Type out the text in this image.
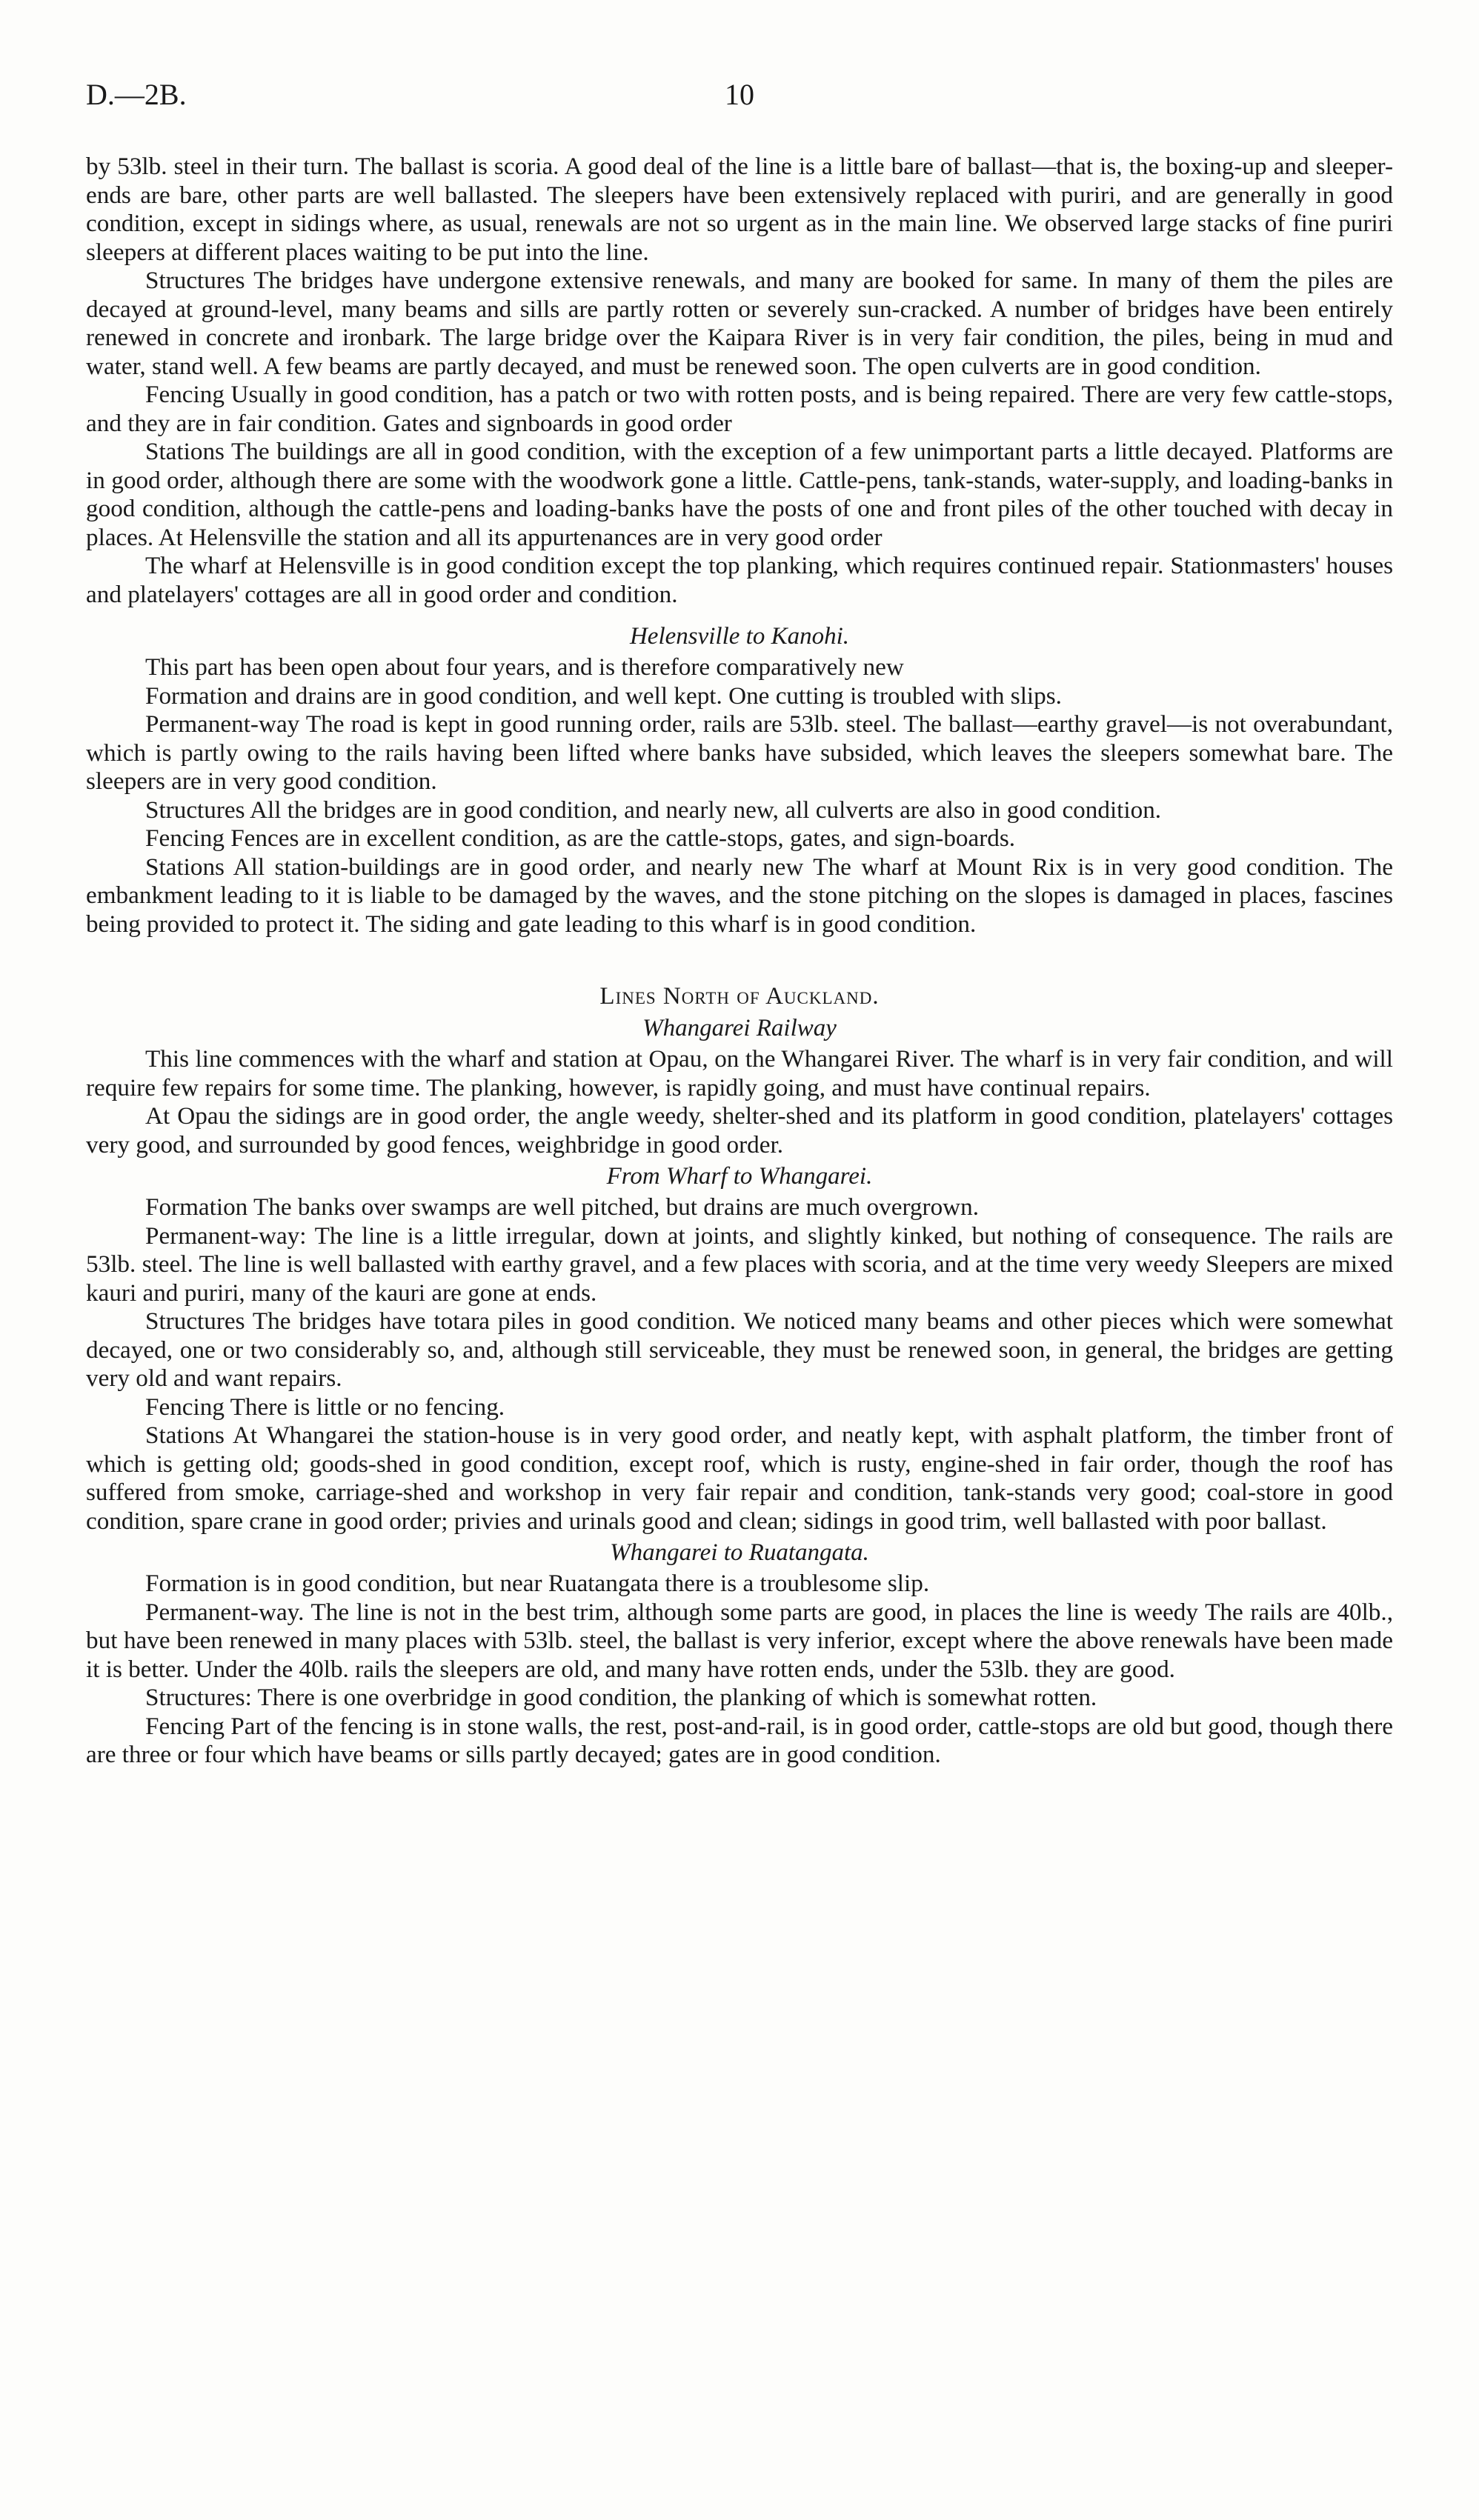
D.—2B.	10

by 53lb. steel in their turn. The ballast is scoria. A good deal of the line is a little bare of ballast—that is, the boxing-up and sleeper-ends are bare, other parts are well ballasted. The sleepers have been extensively replaced with puriri, and are generally in good condition, except in sidings where, as usual, renewals are not so urgent as in the main line. We observed large stacks of fine puriri sleepers at different places waiting to be put into the line.

Structures The bridges have undergone extensive renewals, and many are booked for same. In many of them the piles are decayed at ground-level, many beams and sills are partly rotten or severely sun-cracked. A number of bridges have been entirely renewed in concrete and ironbark. The large bridge over the Kaipara River is in very fair condition, the piles, being in mud and water, stand well. A few beams are partly decayed, and must be renewed soon. The open culverts are in good condition.

Fencing Usually in good condition, has a patch or two with rotten posts, and is being repaired. There are very few cattle-stops, and they are in fair condition. Gates and signboards in good order

Stations The buildings are all in good condition, with the exception of a few unimportant parts a little decayed. Platforms are in good order, although there are some with the woodwork gone a little. Cattle-pens, tank-stands, water-supply, and loading-banks in good condition, although the cattle-pens and loading-banks have the posts of one and front piles of the other touched with decay in places. At Helensville the station and all its appurtenances are in very good order

The wharf at Helensville is in good condition except the top planking, which requires continued repair. Stationmasters' houses and platelayers' cottages are all in good order and condition.

Helensville to Kanohi.

This part has been open about four years, and is therefore comparatively new

Formation and drains are in good condition, and well kept. One cutting is troubled with slips.

Permanent-way The road is kept in good running order, rails are 53lb. steel. The ballast—earthy gravel—is not overabundant, which is partly owing to the rails having been lifted where banks have subsided, which leaves the sleepers somewhat bare. The sleepers are in very good condition.

Structures All the bridges are in good condition, and nearly new, all culverts are also in good condition.

Fencing Fences are in excellent condition, as are the cattle-stops, gates, and sign-boards.

Stations All station-buildings are in good order, and nearly new The wharf at Mount Rix is in very good condition. The embankment leading to it is liable to be damaged by the waves, and the stone pitching on the slopes is damaged in places, fascines being provided to protect it. The siding and gate leading to this wharf is in good condition.

Lines North of Auckland.
Whangarei Railway

This line commences with the wharf and station at Opau, on the Whangarei River. The wharf is in very fair condition, and will require few repairs for some time. The planking, however, is rapidly going, and must have continual repairs.

At Opau the sidings are in good order, the angle weedy, shelter-shed and its platform in good condition, platelayers' cottages very good, and surrounded by good fences, weighbridge in good order.

From Wharf to Whangarei.

Formation The banks over swamps are well pitched, but drains are much overgrown.

Permanent-way: The line is a little irregular, down at joints, and slightly kinked, but nothing of consequence. The rails are 53lb. steel. The line is well ballasted with earthy gravel, and a few places with scoria, and at the time very weedy Sleepers are mixed kauri and puriri, many of the kauri are gone at ends.

Structures The bridges have totara piles in good condition. We noticed many beams and other pieces which were somewhat decayed, one or two considerably so, and, although still serviceable, they must be renewed soon, in general, the bridges are getting very old and want repairs.

Fencing There is little or no fencing.

Stations At Whangarei the station-house is in very good order, and neatly kept, with asphalt platform, the timber front of which is getting old; goods-shed in good condition, except roof, which is rusty, engine-shed in fair order, though the roof has suffered from smoke, carriage-shed and workshop in very fair repair and condition, tank-stands very good; coal-store in good condition, spare crane in good order; privies and urinals good and clean; sidings in good trim, well ballasted with poor ballast.

Whangarei to Ruatangata.

Formation is in good condition, but near Ruatangata there is a troublesome slip.

Permanent-way. The line is not in the best trim, although some parts are good, in places the line is weedy The rails are 40lb., but have been renewed in many places with 53lb. steel, the ballast is very inferior, except where the above renewals have been made it is better. Under the 40lb. rails the sleepers are old, and many have rotten ends, under the 53lb. they are good.

Structures: There is one overbridge in good condition, the planking of which is somewhat rotten.

Fencing Part of the fencing is in stone walls, the rest, post-and-rail, is in good order, cattle-stops are old but good, though there are three or four which have beams or sills partly decayed; gates are in good condition.
